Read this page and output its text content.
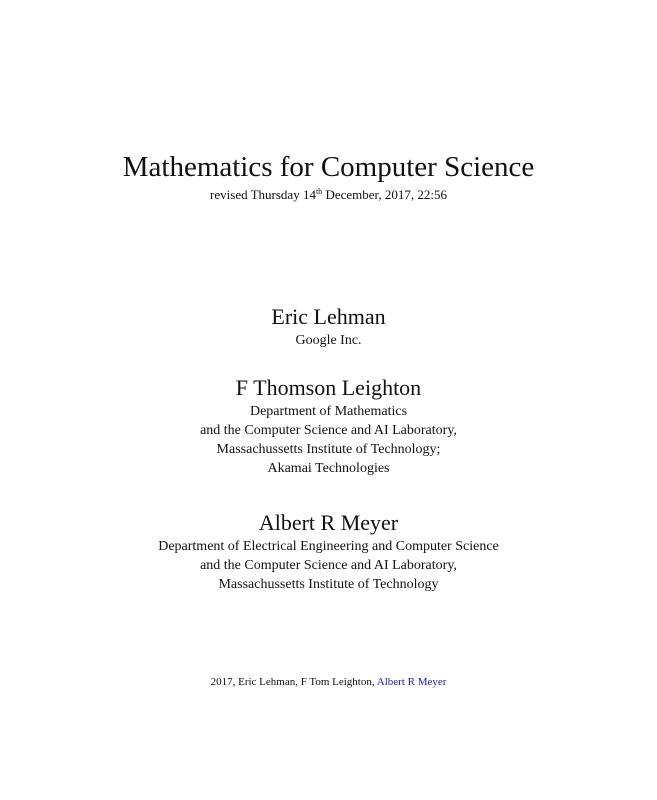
Mathematics for Computer Science
revised Thursday 14th December, 2017, 22:56
Eric Lehman
Google Inc.
F Thomson Leighton
Department of Mathematics
and the Computer Science and AI Laboratory,
Massachussetts Institute of Technology;
Akamai Technologies
Albert R Meyer
Department of Electrical Engineering and Computer Science
and the Computer Science and AI Laboratory,
Massachussetts Institute of Technology
2017, Eric Lehman, F Tom Leighton, Albert R Meyer
